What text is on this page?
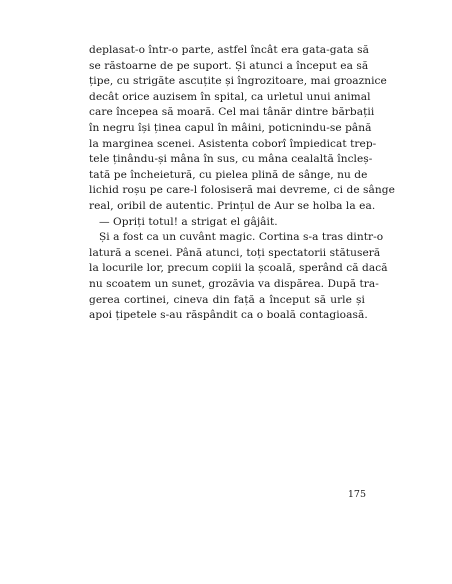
deplasat-o într-o parte, astfel încât era gata-gata să
se răstoarne de pe suport. Și atunci a început ea să
țipe, cu strigăte ascuțite și îngrozitoare, mai groaznice
decât orice auzisem în spital, ca urletul unui animal
care începea să moară. Cel mai tânăr dintre bărbații
în negru își ținea capul în mâini, poticnindu-se până
la marginea scenei. Asistenta coborî împiedicat trep-
tele ținându-și mâna în sus, cu mâna cealaltă încleș-
tată pe încheietură, cu pielea plină de sânge, nu de
lichid roșu pe care-l folosiseră mai devreme, ci de sânge
real, oribil de autentic. Prințul de Aur se holba la ea.
— Opriți totul! a strigat el gâjâit.
Și a fost ca un cuvânt magic. Cortina s-a tras dintr-o
latură a scenei. Până atunci, toți spectatorii stătuseră
la locurile lor, precum copiii la școală, sperând că dacă
nu scoatem un sunet, grozăvia va dispărea. După tra-
gerea cortinei, cineva din față a început să urle și
apoi țipetele s-au răspândit ca o boală contagioasă.
175
